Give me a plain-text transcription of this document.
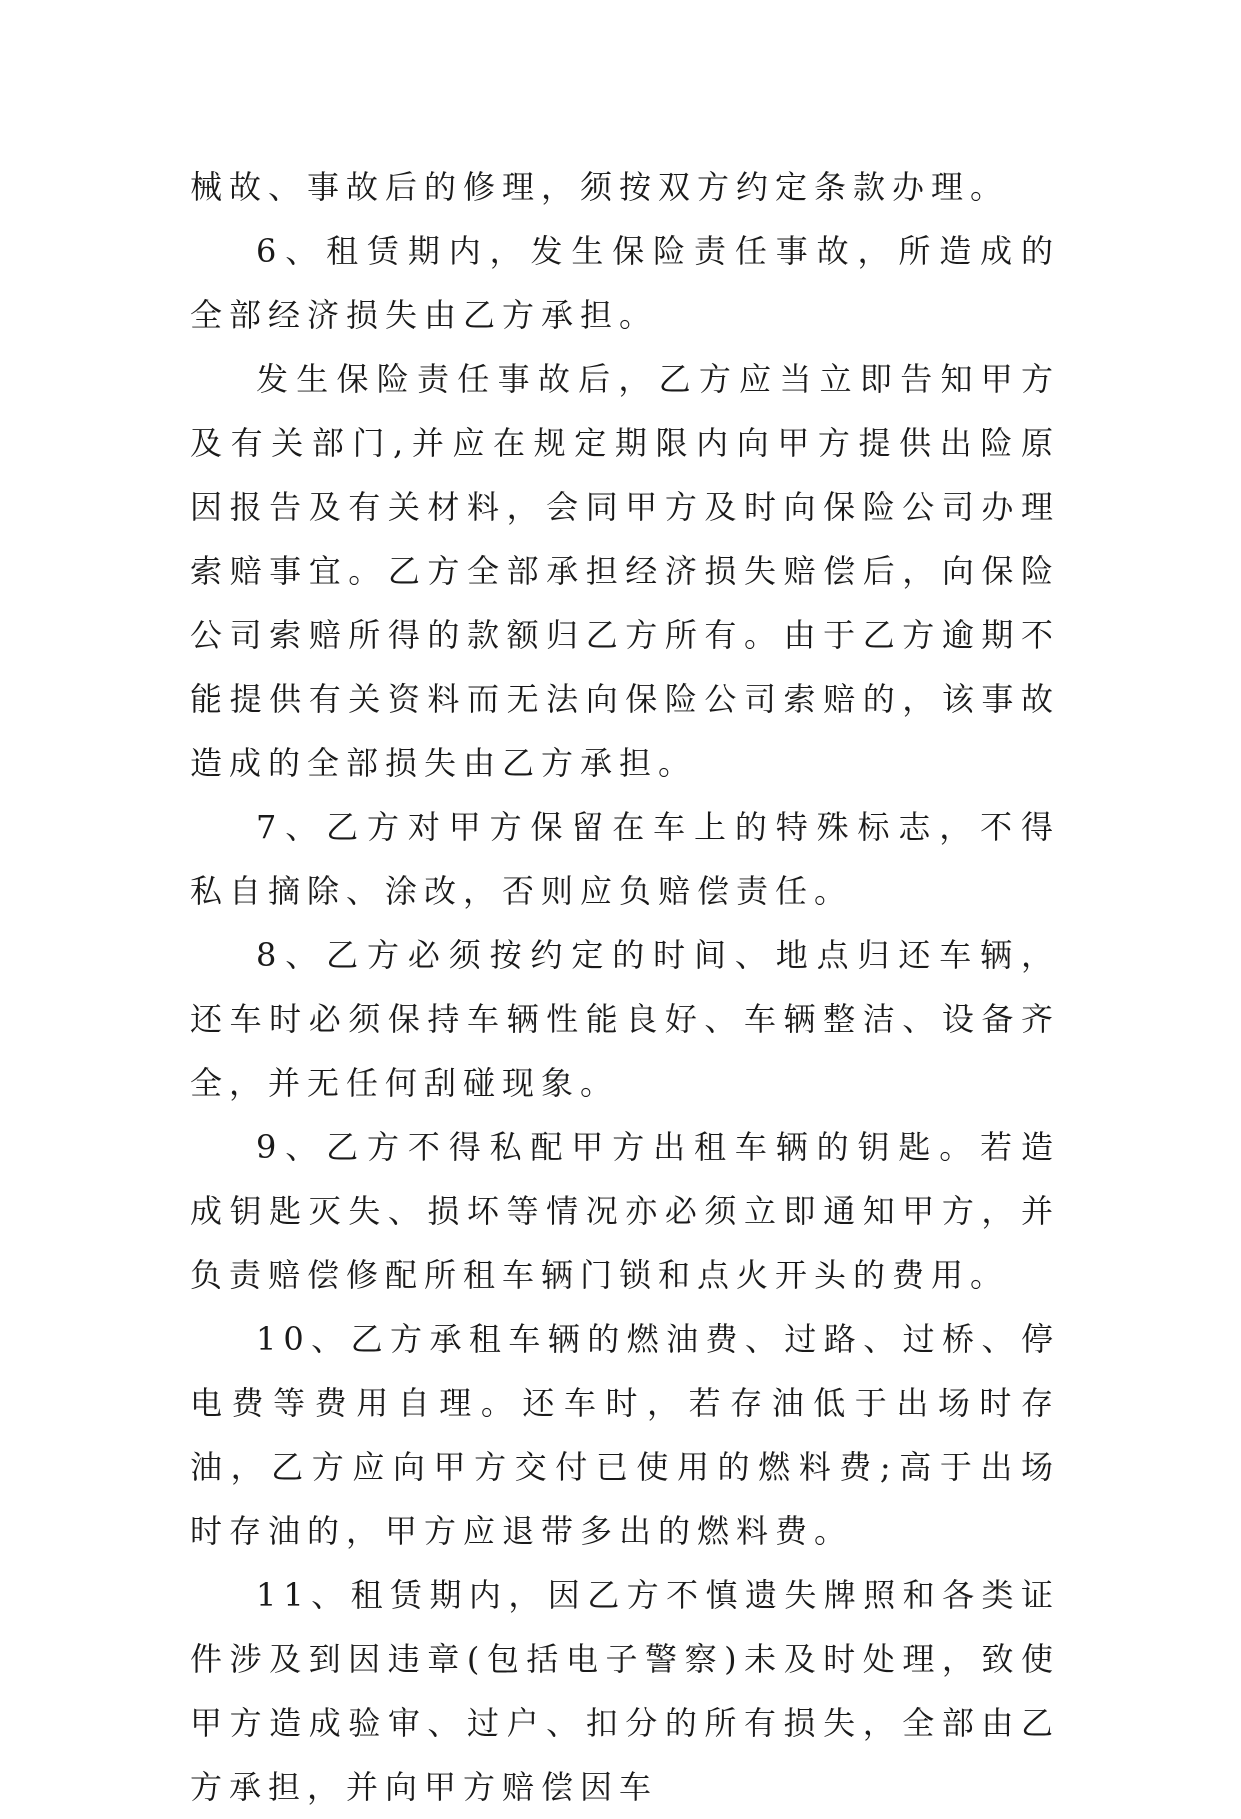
械故、事故后的修理，须按双方约定条款办理。

6、租赁期内，发生保险责任事故，所造成的全部经济损失由乙方承担。

发生保险责任事故后，乙方应当立即告知甲方及有关部门,并应在规定期限内向甲方提供出险原因报告及有关材料，会同甲方及时向保险公司办理索赔事宜。乙方全部承担经济损失赔偿后，向保险公司索赔所得的款额归乙方所有。由于乙方逾期不能提供有关资料而无法向保险公司索赔的，该事故造成的全部损失由乙方承担。

7、乙方对甲方保留在车上的特殊标志，不得私自摘除、涂改，否则应负赔偿责任。

8、乙方必须按约定的时间、地点归还车辆，还车时必须保持车辆性能良好、车辆整洁、设备齐全，并无任何刮碰现象。

9、乙方不得私配甲方出租车辆的钥匙。若造成钥匙灭失、损坏等情况亦必须立即通知甲方，并负责赔偿修配所租车辆门锁和点火开头的费用。

10、乙方承租车辆的燃油费、过路、过桥、停电费等费用自理。还车时，若存油低于出场时存油，乙方应向甲方交付已使用的燃料费;高于出场时存油的，甲方应退带多出的燃料费。

11、租赁期内，因乙方不慎遗失牌照和各类证件涉及到因违章(包括电子警察)未及时处理，致使甲方造成验审、过户、扣分的所有损失，全部由乙方承担，并向甲方赔偿因车
